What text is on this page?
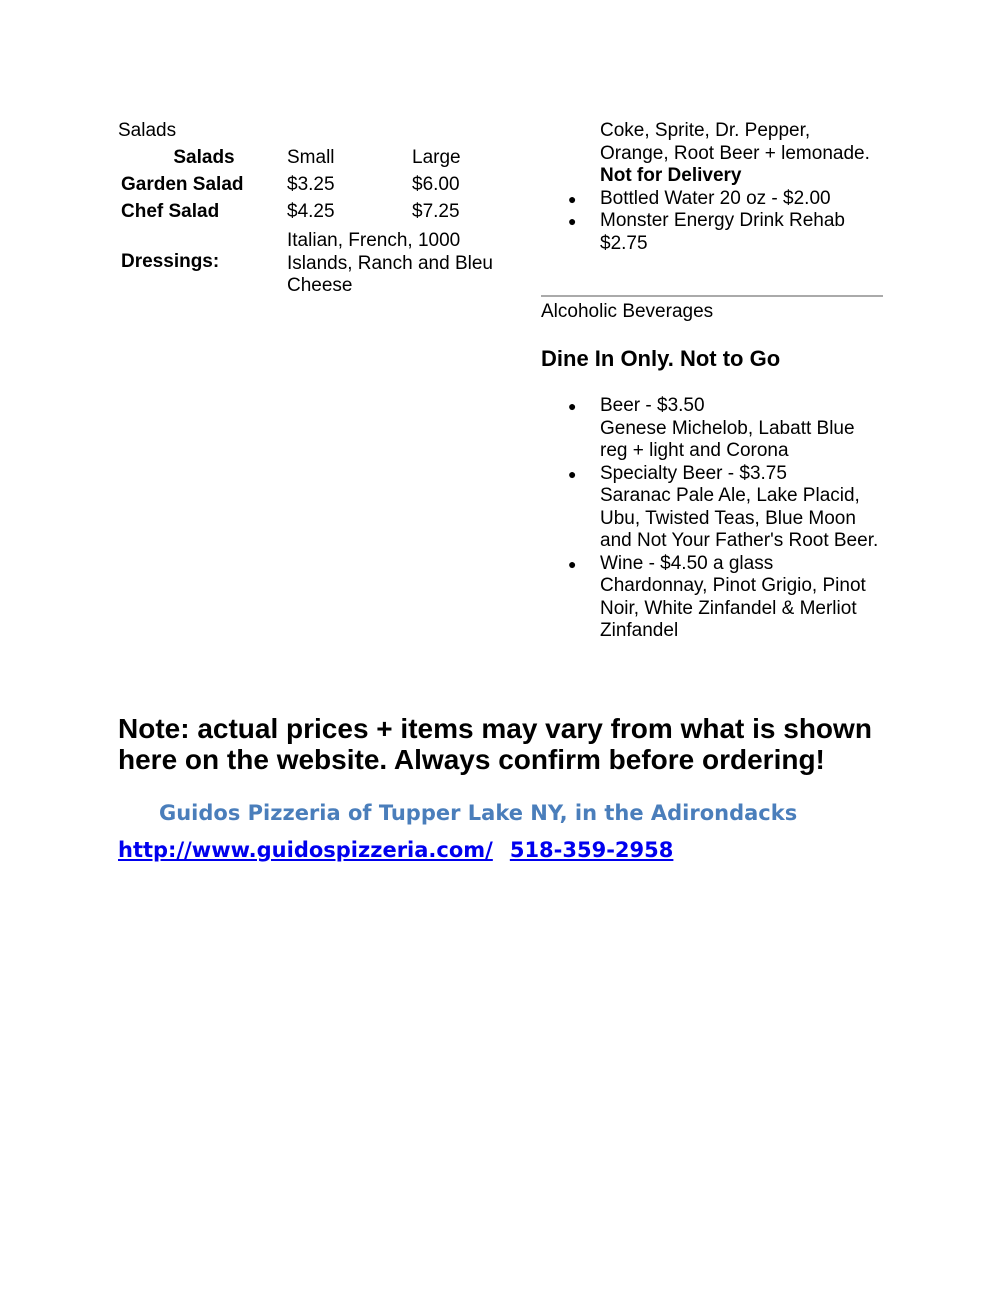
Salads
Salads	Small	Large
Garden Salad	$3.25	$6.00
Chef Salad	$4.25	$7.25
Dressings:	Italian, French, 1000 Islands, Ranch and Bleu Cheese	
Coke, Sprite, Dr. Pepper,
Orange, Root Beer + lemonade.
Not for Delivery
● Bottled Water 20 oz - $2.00
● Monster Energy Drink Rehab
$2.75
Alcoholic Beverages
Dine In Only. Not to Go
● Beer - $3.50
Genese Michelob, Labatt Blue reg + light and Corona
● Specialty Beer - $3.75
Saranac Pale Ale, Lake Placid, Ubu, Twisted Teas, Blue Moon and Not Your Father's Root Beer.
● Wine - $4.50 a glass
Chardonnay, Pinot Grigio, Pinot Noir, White Zinfandel & Merliot Zinfandel
Note: actual prices + items may vary from what is shown here on the website. Always confirm before ordering!
Guidos Pizzeria of Tupper Lake NY, in the Adirondacks
http://www.guidospizzeria.com/ 518-359-2958
